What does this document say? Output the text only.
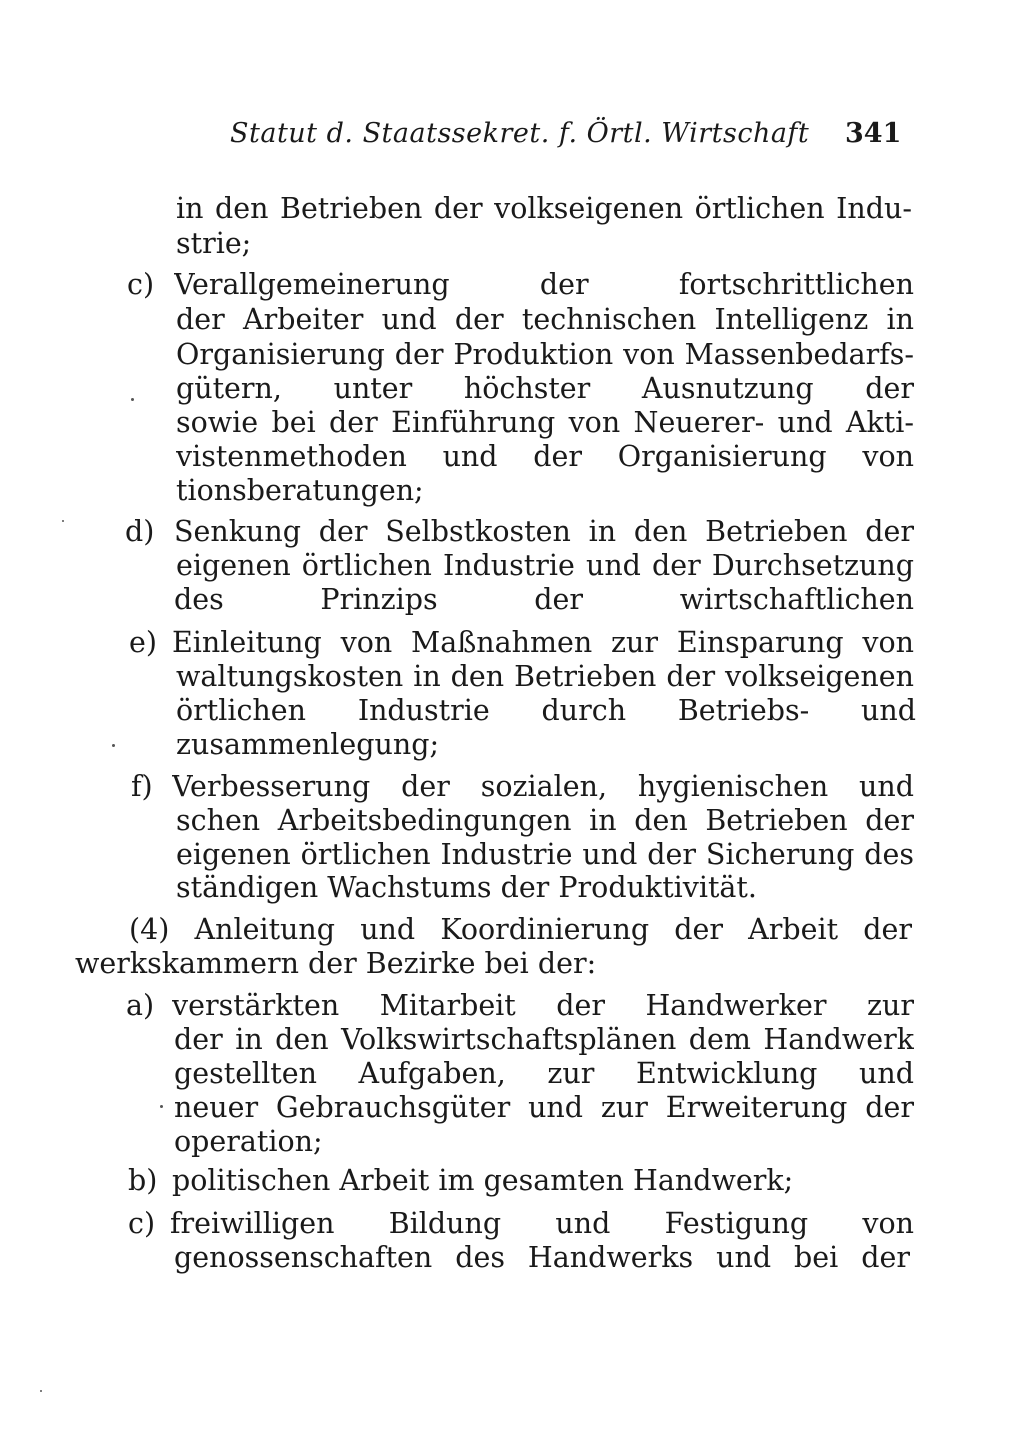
Statut d. Staatssekret. f. Örtl. Wirtschaft 341
in den Betrieben der volkseigenen örtlichen Indu-
strie;
c) Verallgemeinerung der fortschrittlichen
der Arbeiter und der technischen Intelligenz in
Organisierung der Produktion von Massenbedarfs-
gütern, unter höchster Ausnutzung der
sowie bei der Einführung von Neuerer- und Akti-
vistenmethoden und der Organisierung von
tionsberatungen;
d) Senkung der Selbstkosten in den Betrieben der
eigenen örtlichen Industrie und der Durchsetzung
des Prinzips der wirtschaftlichen
e) Einleitung von Maßnahmen zur Einsparung von
waltungskosten in den Betrieben der volkseigenen
örtlichen Industrie durch Betriebs- und
zusammenlegung;
f) Verbesserung der sozialen, hygienischen und
schen Arbeitsbedingungen in den Betrieben der
eigenen örtlichen Industrie und der Sicherung des
ständigen Wachstums der Produktivität.
(4) Anleitung und Koordinierung der Arbeit der
werkskammern der Bezirke bei der:
a) verstärkten Mitarbeit der Handwerker zur
der in den Volkswirtschaftsplänen dem Handwerk
gestellten Aufgaben, zur Entwicklung und
neuer Gebrauchsgüter und zur Erweiterung der
operation;
b) politischen Arbeit im gesamten Handwerk;
c) freiwilligen Bildung und Festigung von
genossenschaften des Handwerks und bei der
